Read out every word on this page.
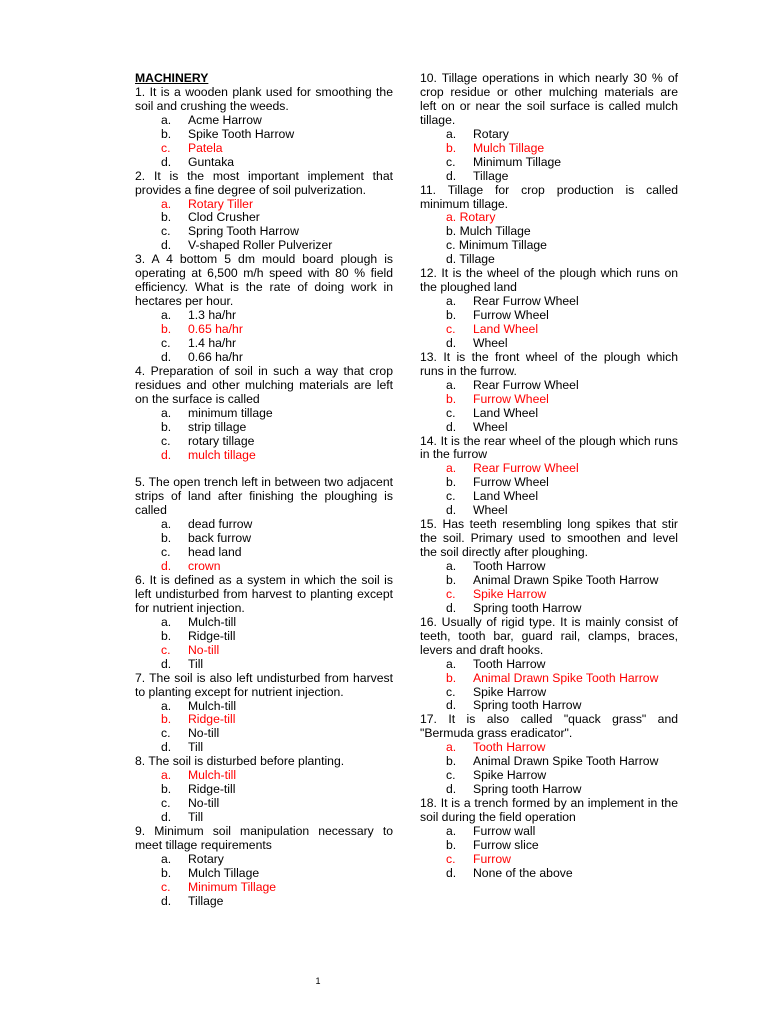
MACHINERY
1. It is a wooden plank used for smoothing the soil and crushing the weeds.
a. Acme Harrow
b. Spike Tooth Harrow
c. Patela
d. Guntaka
2. It is the most important implement that provides a fine degree of soil pulverization.
a. Rotary Tiller
b. Clod Crusher
c. Spring Tooth Harrow
d. V-shaped Roller Pulverizer
3. A 4 bottom 5 dm mould board plough is operating at 6,500 m/h speed with 80 % field efficiency. What is the rate of doing work in hectares per hour.
a. 1.3 ha/hr
b. 0.65 ha/hr
c. 1.4 ha/hr
d. 0.66 ha/hr
4. Preparation of soil in such a way that crop residues and other mulching materials are left on the surface is called
a. minimum tillage
b. strip tillage
c. rotary tillage
d. mulch tillage
5. The open trench left in between two adjacent strips of land after finishing the ploughing is called
a. dead furrow
b. back furrow
c. head land
d. crown
6. It is defined as a system in which the soil is left undisturbed from harvest to planting except for nutrient injection.
a. Mulch-till
b. Ridge-till
c. No-till
d. Till
7. The soil is also left undisturbed from harvest to planting except for nutrient injection.
a. Mulch-till
b. Ridge-till
c. No-till
d. Till
8. The soil is disturbed before planting.
a. Mulch-till
b. Ridge-till
c. No-till
d. Till
9. Minimum soil manipulation necessary to meet tillage requirements
a. Rotary
b. Mulch Tillage
c. Minimum Tillage
d. Tillage
10. Tillage operations in which nearly 30 % of crop residue or other mulching materials are left on or near the soil surface is called mulch tillage.
a. Rotary
b. Mulch Tillage
c. Minimum Tillage
d. Tillage
11. Tillage for crop production is called minimum tillage.
a. Rotary
b. Mulch Tillage
c. Minimum Tillage
d. Tillage
12. It is the wheel of the plough which runs on the ploughed land
a. Rear Furrow Wheel
b. Furrow Wheel
c. Land Wheel
d. Wheel
13. It is the front wheel of the plough which runs in the furrow.
a. Rear Furrow Wheel
b. Furrow Wheel
c. Land Wheel
d. Wheel
14. It is the rear wheel of the plough which runs in the furrow
a. Rear Furrow Wheel
b. Furrow Wheel
c. Land Wheel
d. Wheel
15. Has teeth resembling long spikes that stir the soil. Primary used to smoothen and level the soil directly after ploughing.
a. Tooth Harrow
b. Animal Drawn Spike Tooth Harrow
c. Spike Harrow
d. Spring tooth Harrow
16. Usually of rigid type. It is mainly consist of teeth, tooth bar, guard rail, clamps, braces, levers and draft hooks.
a. Tooth Harrow
b. Animal Drawn Spike Tooth Harrow
c. Spike Harrow
d. Spring tooth Harrow
17. It is also called "quack grass" and "Bermuda grass eradicator".
a. Tooth Harrow
b. Animal Drawn Spike Tooth Harrow
c. Spike Harrow
d. Spring tooth Harrow
18. It is a trench formed by an implement in the soil during the field operation
a. Furrow wall
b. Furrow slice
c. Furrow
d. None of the above
1
